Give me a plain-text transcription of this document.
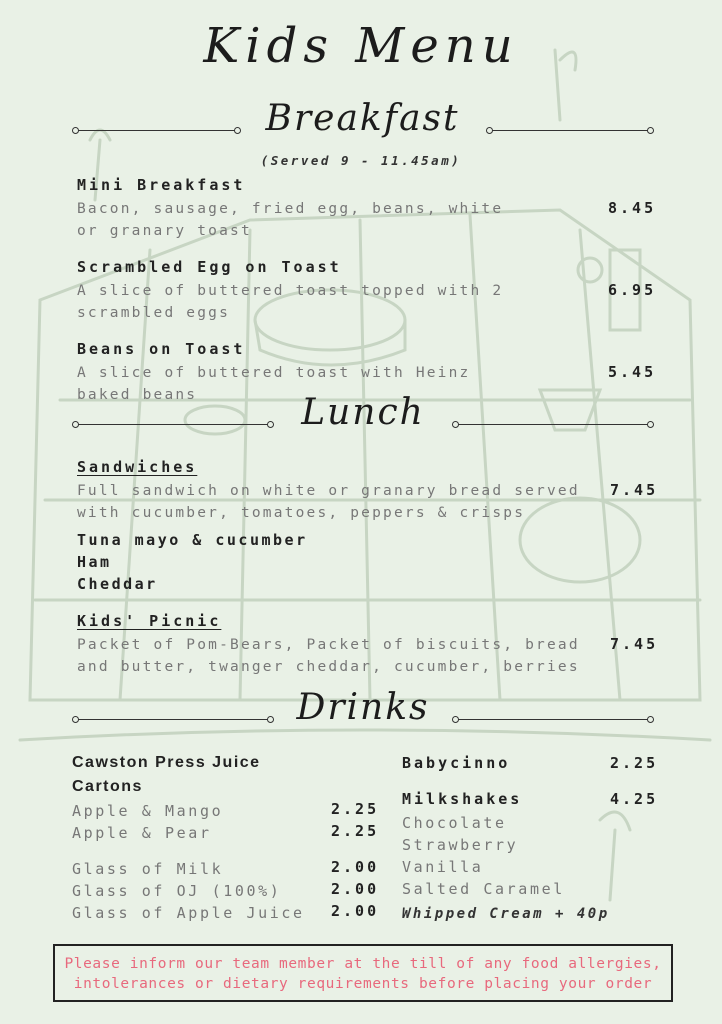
Kids Menu
Breakfast
(Served 9 - 11.45am)
Mini Breakfast
Bacon, sausage, fried egg, beans, white
or granary toast
8.45
Scrambled Egg on Toast
A slice of buttered toast topped with 2
scrambled eggs
6.95
Beans on Toast
A slice of buttered toast with Heinz
baked beans
5.45
Lunch
Sandwiches
Full sandwich on white or granary bread served
with cucumber, tomatoes, peppers & crisps
7.45
Tuna mayo & cucumber
Ham
Cheddar
Kids' Picnic
Packet of Pom-Bears, Packet of biscuits, bread
and butter, twanger cheddar, cucumber, berries
7.45
Drinks
Cawston Press Juice
Cartons
Apple & Mango	2.25
Apple & Pear	2.25
Glass of Milk	2.00
Glass of OJ (100%)	2.00
Glass of Apple Juice 2.00
Babycinno	2.25
Milkshakes	4.25
Chocolate
Strawberry
Vanilla
Salted Caramel
Whipped Cream + 40p
Please inform our team member at the till of any food allergies,
intolerances or dietary requirements before placing your order
